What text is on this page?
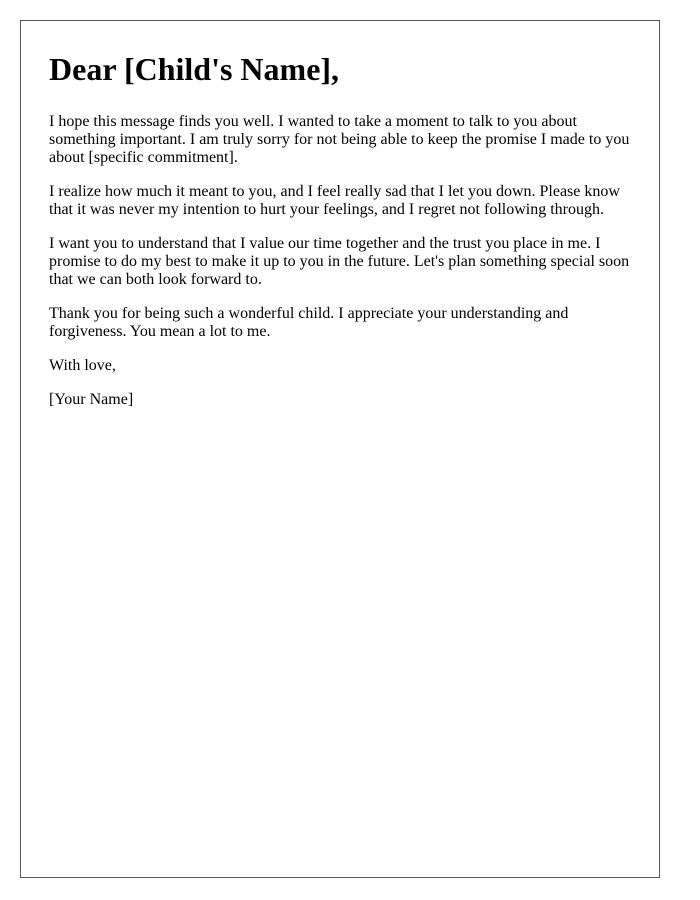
Dear [Child's Name],

I hope this message finds you well. I wanted to take a moment to talk to you about something important. I am truly sorry for not being able to keep the promise I made to you about [specific commitment].

I realize how much it meant to you, and I feel really sad that I let you down. Please know that it was never my intention to hurt your feelings, and I regret not following through.

I want you to understand that I value our time together and the trust you place in me. I promise to do my best to make it up to you in the future. Let's plan something special soon that we can both look forward to.

Thank you for being such a wonderful child. I appreciate your understanding and forgiveness. You mean a lot to me.

With love,

[Your Name]
